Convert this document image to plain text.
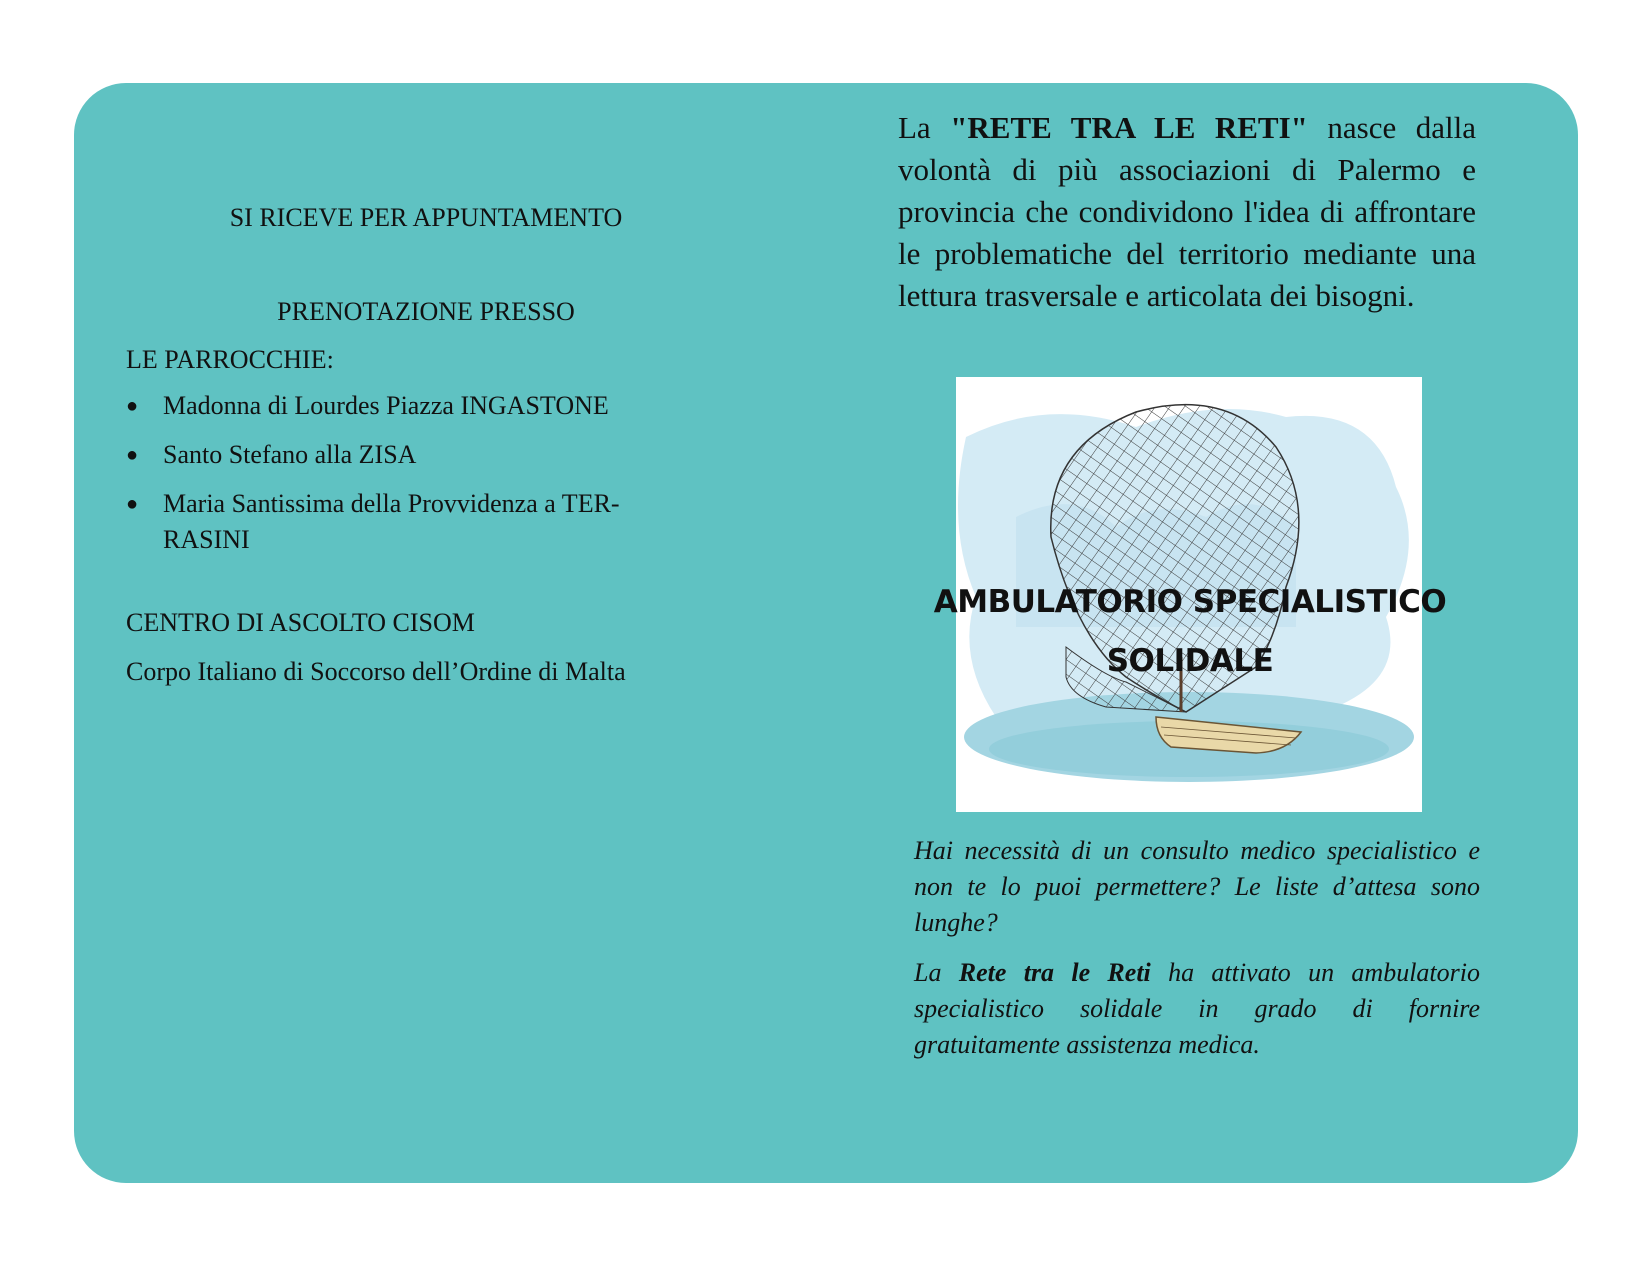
SI RICEVE PER APPUNTAMENTO

PRENOTAZIONE PRESSO

LE PARROCCHIE:

● Madonna di Lourdes Piazza INGASTONE
● Santo Stefano alla ZISA
● Maria Santissima della Provvidenza a TER-RASINI

CENTRO DI ASCOLTO CISOM

Corpo Italiano di Soccorso dell’Ordine di Malta

La "RETE TRA LE RETI" nasce dalla volontà di più associazioni di Palermo e provincia che condividono l'idea di affrontare le problematiche del territorio mediante una lettura trasversale e articolata dei bisogni.
AMBULATORIO SPECIALISTICO
SOLIDALE
Hai necessità di un consulto medico specialistico e non te lo puoi permettere? Le liste d’attesa sono lunghe?
La Rete tra le Reti ha attivato un ambulatorio specialistico solidale in grado di fornire gratuitamente assistenza medica.
